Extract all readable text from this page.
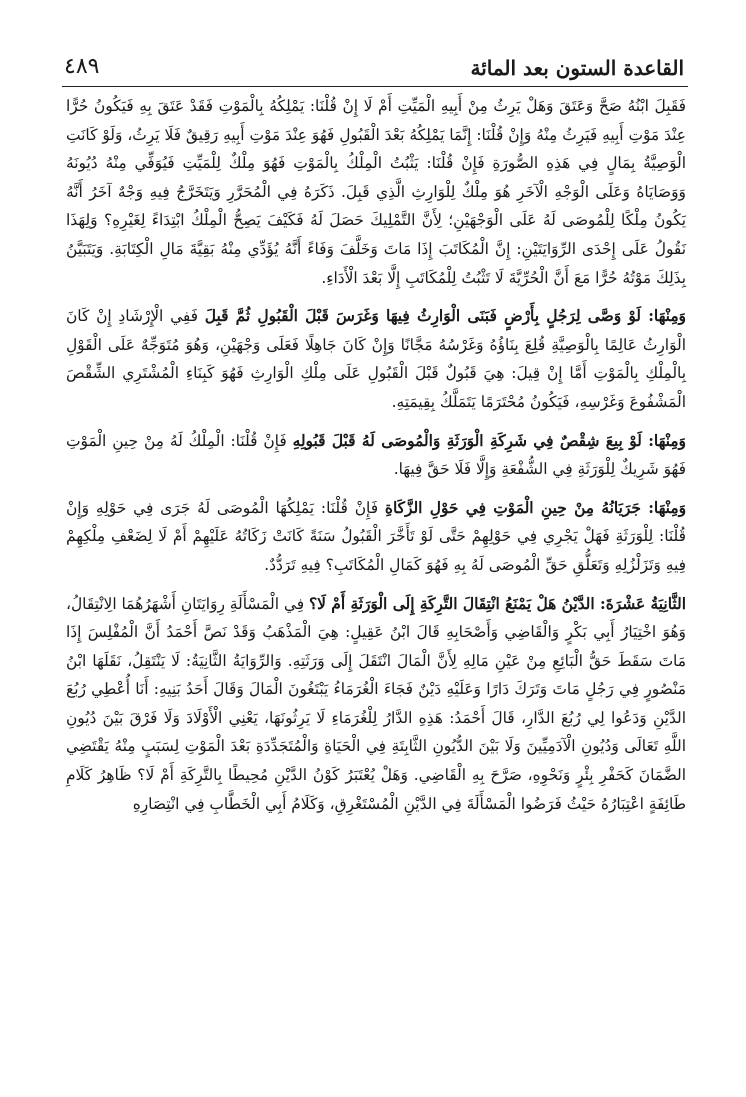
القاعدة الستون بعد المائة
٤٨٩

فَقَبِلَ ابْنُهُ صَحَّ وَعَتَقَ وَهَلْ يَرِثُ مِنْ أَبِيهِ الْمَيِّتِ أَمْ لَا إِنْ قُلْنَا: يَمْلِكُهُ بِالْمَوْتِ فَقَدْ عَتَقَ بِهِ فَيَكُونُ حُرًّا عِنْدَ مَوْتِ أَبِيهِ فَيَرِثُ مِنْهُ وَإِنْ قُلْنَا: إِنَّمَا يَمْلِكُهُ بَعْدَ الْقَبُولِ فَهُوَ عِنْدَ مَوْتِ أَبِيهِ رَقِيقٌ فَلَا يَرِثُ، وَلَوْ كَانَتِ الْوَصِيَّةُ بِمَالٍ فِي هَذِهِ الصُّورَةِ فَإِنْ قُلْنَا: يَثْبُتُ الْمِلْكُ بِالْمَوْتِ فَهُوَ مِلْكٌ لِلْمَيِّتِ فَيُوَفِّي مِنْهُ دُيُونَهُ وَوَصَايَاهُ وَعَلَى الْوَجْهِ الْآخَرِ هُوَ مِلْكٌ لِلْوَارِثِ الَّذِي قَبِلَ. ذَكَرَهُ فِي الْمُحَرَّرِ وَيَتَخَرَّجُ فِيهِ وَجْهٌ آخَرُ أَنَّهُ يَكُونُ مِلْكًا لِلْمُوصَى لَهُ عَلَى الْوَجْهَيْنِ؛ لِأَنَّ التَّمْلِيكَ حَصَلَ لَهُ فَكَيْفَ يَصِحُّ الْمِلْكُ ابْتِدَاءً لِغَيْرِهِ؟ وَلِهَذَا نَقُولُ عَلَى إِحْدَى الرِّوَايَتَيْنِ: إِنَّ الْمُكَاتَبَ إِذَا مَاتَ وَخَلَّفَ وَفَاءً أَنَّهُ يُؤَدِّي مِنْهُ بَقِيَّةَ مَالِ الْكِتَابَةِ. وَيَتَبَيَّنُ بِذَلِكَ مَوْتُهُ حُرًّا مَعَ أَنَّ الْحُرِّيَّةَ لَا تَثْبُتُ لِلْمُكَاتَبِ إِلَّا بَعْدَ الْأَدَاءِ.

وَمِنْهَا: لَوْ وَصَّى لِرَجُلٍ بِأَرْضٍ فَبَنَى الْوَارِثُ فِيهَا وَغَرَسَ قَبْلَ الْقَبُولِ ثُمَّ قَبِلَ فَفِي الْإِرْشَادِ إِنْ كَانَ الْوَارِثُ عَالِمًا بِالْوَصِيَّةِ قُلِعَ بِنَاؤُهُ وَغَرْسُهُ مَجَّانًا وَإِنْ كَانَ جَاهِلًا فَعَلَى وَجْهَيْنِ، وَهُوَ مُتَوَجِّهٌ عَلَى الْقَوْلِ بِالْمِلْكِ بِالْمَوْتِ أَمَّا إِنْ قِيلَ: هِيَ قَبُولٌ قَبْلَ الْقَبُولِ عَلَى مِلْكِ الْوَارِثِ فَهُوَ كَبِنَاءِ الْمُشْتَرِي الشِّقْصَ الْمَشْفُوعَ وَغَرْسِهِ، فَيَكُونُ مُحْتَرَمًا يَتَمَلَّكُ بِقِيمَتِهِ.

وَمِنْهَا: لَوْ بِيعَ شِقْصٌ فِي شَرِكَةِ الْوَرَثَةِ وَالْمُوصَى لَهُ قَبْلَ قَبُولِهِ فَإِنْ قُلْنَا: الْمِلْكُ لَهُ مِنْ حِينِ الْمَوْتِ فَهُوَ شَرِيكٌ لِلْوَرَثَةِ فِي الشُّفْعَةِ وَإِلَّا فَلَا حَقَّ فِيهَا.

وَمِنْهَا: جَرَيَانُهُ مِنْ حِينِ الْمَوْتِ فِي حَوْلِ الزَّكَاةِ فَإِنْ قُلْنَا: يَمْلِكُهَا الْمُوصَى لَهُ جَرَى فِي حَوْلِهِ وَإِنْ قُلْنَا: لِلْوَرَثَةِ فَهَلْ يَجْرِي فِي حَوْلِهِمْ حَتَّى لَوْ تَأَخَّرَ الْقَبُولُ سَنَةً كَانَتْ زَكَاتُهُ عَلَيْهِمْ أَمْ لَا لِضَعْفِ مِلْكِهِمْ فِيهِ وَتَزَلْزُلِهِ وَتَعَلُّقِ حَقِّ الْمُوصَى لَهُ بِهِ فَهُوَ كَمَالِ الْمُكَاتَبِ؟ فِيهِ تَرَدُّدٌ.

الثَّانِيَةُ عَشْرَةَ: الدَّيْنُ هَلْ يَمْنَعُ انْتِقَالَ التَّرِكَةِ إِلَى الْوَرَثَةِ أَمْ لَا؟ فِي الْمَسْأَلَةِ رِوَايَتَانِ أَشْهَرُهُمَا الِانْتِقَالُ، وَهُوَ اخْتِيَارُ أَبِي بَكْرٍ وَالْقَاضِي وَأَصْحَابِهِ قَالَ ابْنُ عَقِيلٍ: هِيَ الْمَذْهَبُ وَقَدْ نَصَّ أَحْمَدُ أَنَّ الْمُفْلِسَ إِذَا مَاتَ سَقَطَ حَقُّ الْبَائِعِ مِنْ عَيْنِ مَالِهِ لِأَنَّ الْمَالَ انْتَقَلَ إِلَى وَرَثَتِهِ. وَالرِّوَايَةُ الثَّانِيَةُ: لَا يَنْتَقِلُ، نَقَلَهَا ابْنُ مَنْصُورٍ فِي رَجُلٍ مَاتَ وَتَرَكَ دَارًا وَعَلَيْهِ دَيْنٌ فَجَاءَ الْغُرَمَاءُ يَبْتَغُونَ الْمَالَ وَقَالَ أَحَدُ بَنِيهِ: أَنَا أُعْطِي رُبُعَ الدَّيْنِ وَدَعُوا لِي رُبُعَ الدَّارِ، قَالَ أَحْمَدُ: هَذِهِ الدَّارُ لِلْغُرَمَاءِ لَا يَرِثُونَهَا، يَعْنِي الْأَوْلَادَ وَلَا فَرْقَ بَيْنَ دُيُونِ اللَّهِ تَعَالَى وَدُيُونِ الْآدَمِيِّينَ وَلَا بَيْنَ الدُّيُونِ الثَّابِتَةِ فِي الْحَيَاةِ وَالْمُتَجَدِّدَةِ بَعْدَ الْمَوْتِ لِسَبَبٍ مِنْهُ يَقْتَضِي الضَّمَانَ كَحَفْرِ بِئْرٍ وَنَحْوِهِ، صَرَّحَ بِهِ الْقَاضِي. وَهَلْ يُعْتَبَرُ كَوْنُ الدَّيْنِ مُحِيطًا بِالتَّرِكَةِ أَمْ لَا؟ ظَاهِرُ كَلَامِ طَائِفَةٍ اعْتِبَارُهُ حَيْثُ فَرَضُوا الْمَسْأَلَةَ فِي الدَّيْنِ الْمُسْتَغْرِقِ، وَكَلَامُ أَبِي الْخَطَّابِ فِي انْتِصَارِهِ
